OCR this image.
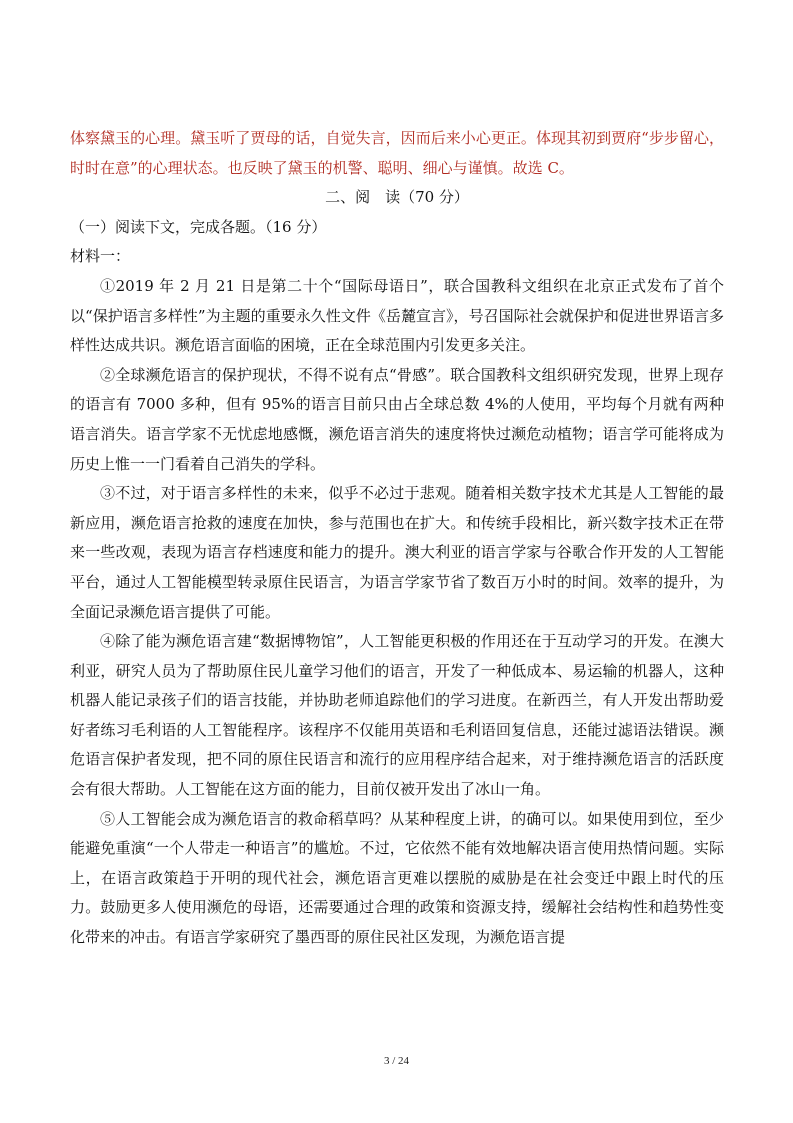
体察黛玉的心理。黛玉听了贾母的话，自觉失言，因而后来小心更正。体现其初到贾府“步步留心，时时在意”的心理状态。也反映了黛玉的机警、聪明、细心与谨慎。故选 C。

二、阅　读（70 分）

（一）阅读下文，完成各题。（16 分）

材料一：

①2019 年 2 月 21 日是第二十个“国际母语日”，联合国教科文组织在北京正式发布了首个以“保护语言多样性”为主题的重要永久性文件《岳麓宣言》，号召国际社会就保护和促进世界语言多样性达成共识。濒危语言面临的困境，正在全球范围内引发更多关注。

②全球濒危语言的保护现状，不得不说有点“骨感”。联合国教科文组织研究发现，世界上现存的语言有 7000 多种，但有 95%的语言目前只由占全球总数 4%的人使用，平均每个月就有两种语言消失。语言学家不无忧虑地感慨，濒危语言消失的速度将快过濒危动植物；语言学可能将成为历史上惟一一门看着自己消失的学科。

③不过，对于语言多样性的未来，似乎不必过于悲观。随着相关数字技术尤其是人工智能的最新应用，濒危语言抢救的速度在加快，参与范围也在扩大。和传统手段相比，新兴数字技术正在带来一些改观，表现为语言存档速度和能力的提升。澳大利亚的语言学家与谷歌合作开发的人工智能平台，通过人工智能模型转录原住民语言，为语言学家节省了数百万小时的时间。效率的提升，为全面记录濒危语言提供了可能。

④除了能为濒危语言建“数据博物馆”，人工智能更积极的作用还在于互动学习的开发。在澳大利亚，研究人员为了帮助原住民儿童学习他们的语言，开发了一种低成本、易运输的机器人，这种机器人能记录孩子们的语言技能，并协助老师追踪他们的学习进度。在新西兰，有人开发出帮助爱好者练习毛利语的人工智能程序。该程序不仅能用英语和毛利语回复信息，还能过滤语法错误。濒危语言保护者发现，把不同的原住民语言和流行的应用程序结合起来，对于维持濒危语言的活跃度会有很大帮助。人工智能在这方面的能力，目前仅被开发出了冰山一角。

⑤人工智能会成为濒危语言的救命稻草吗？从某种程度上讲，的确可以。如果使用到位，至少能避免重演“一个人带走一种语言”的尴尬。不过，它依然不能有效地解决语言使用热情问题。实际上，在语言政策趋于开明的现代社会，濒危语言更难以摆脱的威胁是在社会变迁中跟上时代的压力。鼓励更多人使用濒危的母语，还需要通过合理的政策和资源支持，缓解社会结构性和趋势性变化带来的冲击。有语言学家研究了墨西哥的原住民社区发现，为濒危语言提

3 / 24
